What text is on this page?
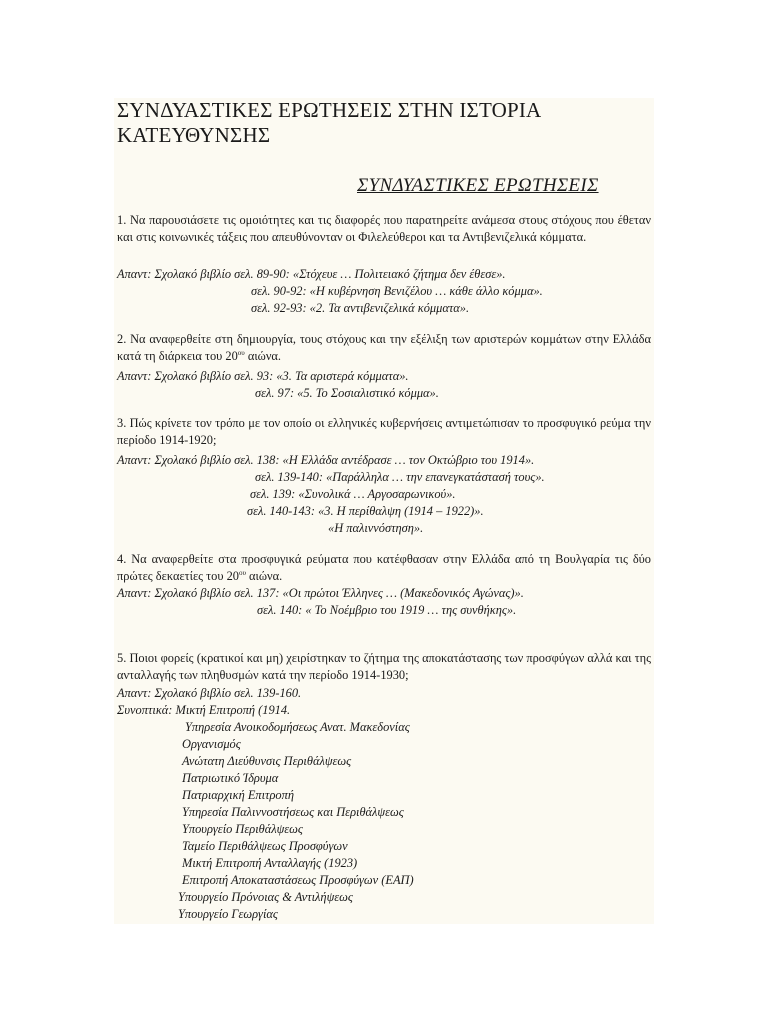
ΣΥΝΔΥΑΣΤΙΚΕΣ ΕΡΩΤΗΣΕΙΣ ΣΤΗΝ ΙΣΤΟΡΙΑ ΚΑΤΕΥΘΥΝΣΗΣ
ΣΥΝΔΥΑΣΤΙΚΕΣ ΕΡΩΤΗΣΕΙΣ
1. Να παρουσιάσετε τις ομοιότητες και τις διαφορές που παρατηρείτε ανάμεσα στους στόχους που έθεταν και στις κοινωνικές τάξεις που απευθύνονταν οι Φιλελεύθεροι και τα Αντιβενιζελικά κόμματα.
Απαντ: Σχολακό βιβλίο σελ. 89-90: «Στόχευε … Πολιτειακό ζήτημα δεν έθεσε».
σελ. 90-92: «Η κυβέρνηση Βενιζέλου … κάθε άλλο κόμμα».
σελ. 92-93: «2. Τα αντιβενιζελικά κόμματα».
2. Να αναφερθείτε στη δημιουργία, τους στόχους και την εξέλιξη των αριστερών κομμάτων στην Ελλάδα κατά τη διάρκεια του $20^{o\upsilon}$ αιώνα.
Απαντ: Σχολακό βιβλίο σελ. 93: «3. Τα αριστερά κόμματα».
σελ. 97: «5. Το Σοσιαλιστικό κόμμα».
3. Πώς κρίνετε τον τρόπο με τον οποίο οι ελληνικές κυβερνήσεις αντιμετώπισαν το προσφυγικό ρεύμα την περίοδο 1914-1920;
Απαντ: Σχολακό βιβλίο σελ. 138: «Η Ελλάδα αντέδρασε … τον Οκτώβριο του 1914».
σελ. 139-140: «Παράλληλα … την επανεγκατάστασή τους».
σελ. 139: «Συνολικά … Αργοσαρωνικού».
σελ. 140-143: «3. Η περίθαλψη (1914 – 1922)».
«Η παλιννόστηση».
4. Να αναφερθείτε στα προσφυγικά ρεύματα που κατέφθασαν στην Ελλάδα από τη Βουλγαρία τις δύο πρώτες δεκαετίες του $20^{o\upsilon}$ αιώνα.
Απαντ: Σχολακό βιβλίο σελ. 137: «Οι πρώτοι Έλληνες … (Μακεδονικός Αγώνας)».
σελ. 140: « Το Νοέμβριο του 1919 … της συνθήκης».
5. Ποιοι φορείς (κρατικοί και μη) χειρίστηκαν το ζήτημα της αποκατάστασης των προσφύγων αλλά και της ανταλλαγής των πληθυσμών κατά την περίοδο 1914-1930;
Απαντ: Σχολακό βιβλίο σελ. 139-160.
Συνοπτικά: Μικτή Επιτροπή (1914.
Υπηρεσία Ανοικοδομήσεως Ανατ. Μακεδονίας
Οργανισμός
Ανώτατη Διεύθυνσις Περιθάλψεως
Πατριωτικό Ίδρυμα
Πατριαρχική Επιτροπή
Υπηρεσία Παλιννοστήσεως και Περιθάλψεως
Υπουργείο Περιθάλψεως
Ταμείο Περιθάλψεως Προσφύγων
Μικτή Επιτροπή Ανταλλαγής (1923)
Επιτροπή Αποκαταστάσεως Προσφύγων (ΕΑΠ)
Υπουργείο Πρόνοιας & Αντιλήψεως
Υπουργείο Γεωργίας
